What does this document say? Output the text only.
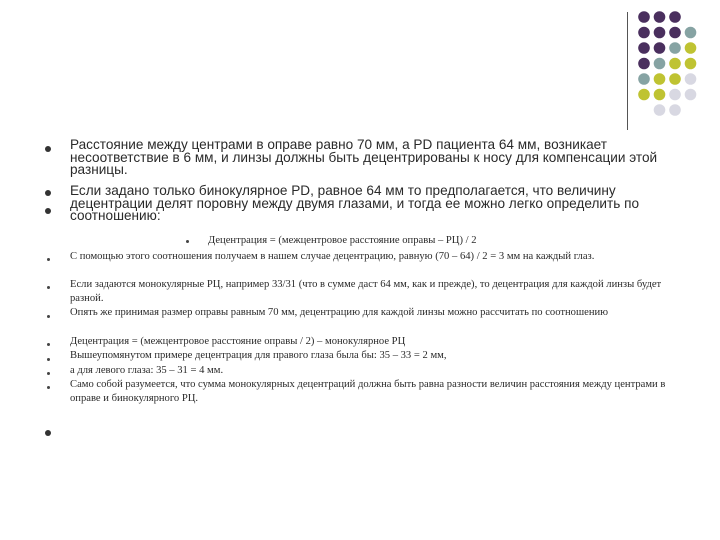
Расстояние между центрами в оправе равно 70 мм, а PD пациента 64 мм, возникает несоответствие в 6 мм, и линзы должны быть децентрированы к носу для компенсации этой разницы.
Если задано только бинокулярное PD, равное 64 мм то предполагается, что величину децентрации делят поровну между двумя глазами, и тогда ее можно легко определить по соотношению:
Децентрация = (межцентровое расстояние оправы – РЦ) / 2
С помощью этого соотношения получаем в нашем случае децентрацию, равную (70 – 64) / 2 = 3 мм на каждый глаз.
Если задаются монокулярные РЦ, например 33/31 (что в сумме даст 64 мм, как и прежде), то децентрация для каждой линзы будет разной.
Опять же принимая размер оправы равным 70 мм, децентрацию для каждой линзы можно рассчитать по соотношению
Децентрация = (межцентровое расстояние оправы / 2) – монокулярное РЦ
Вышеупомянутом примере децентрация для правого глаза была бы: 35 – 33 = 2 мм,
а для левого глаза: 35 – 31 = 4 мм.
Само собой разумеется, что сумма монокулярных децентраций должна быть равна разности величин расстояния между центрами в оправе и бинокулярного РЦ.
